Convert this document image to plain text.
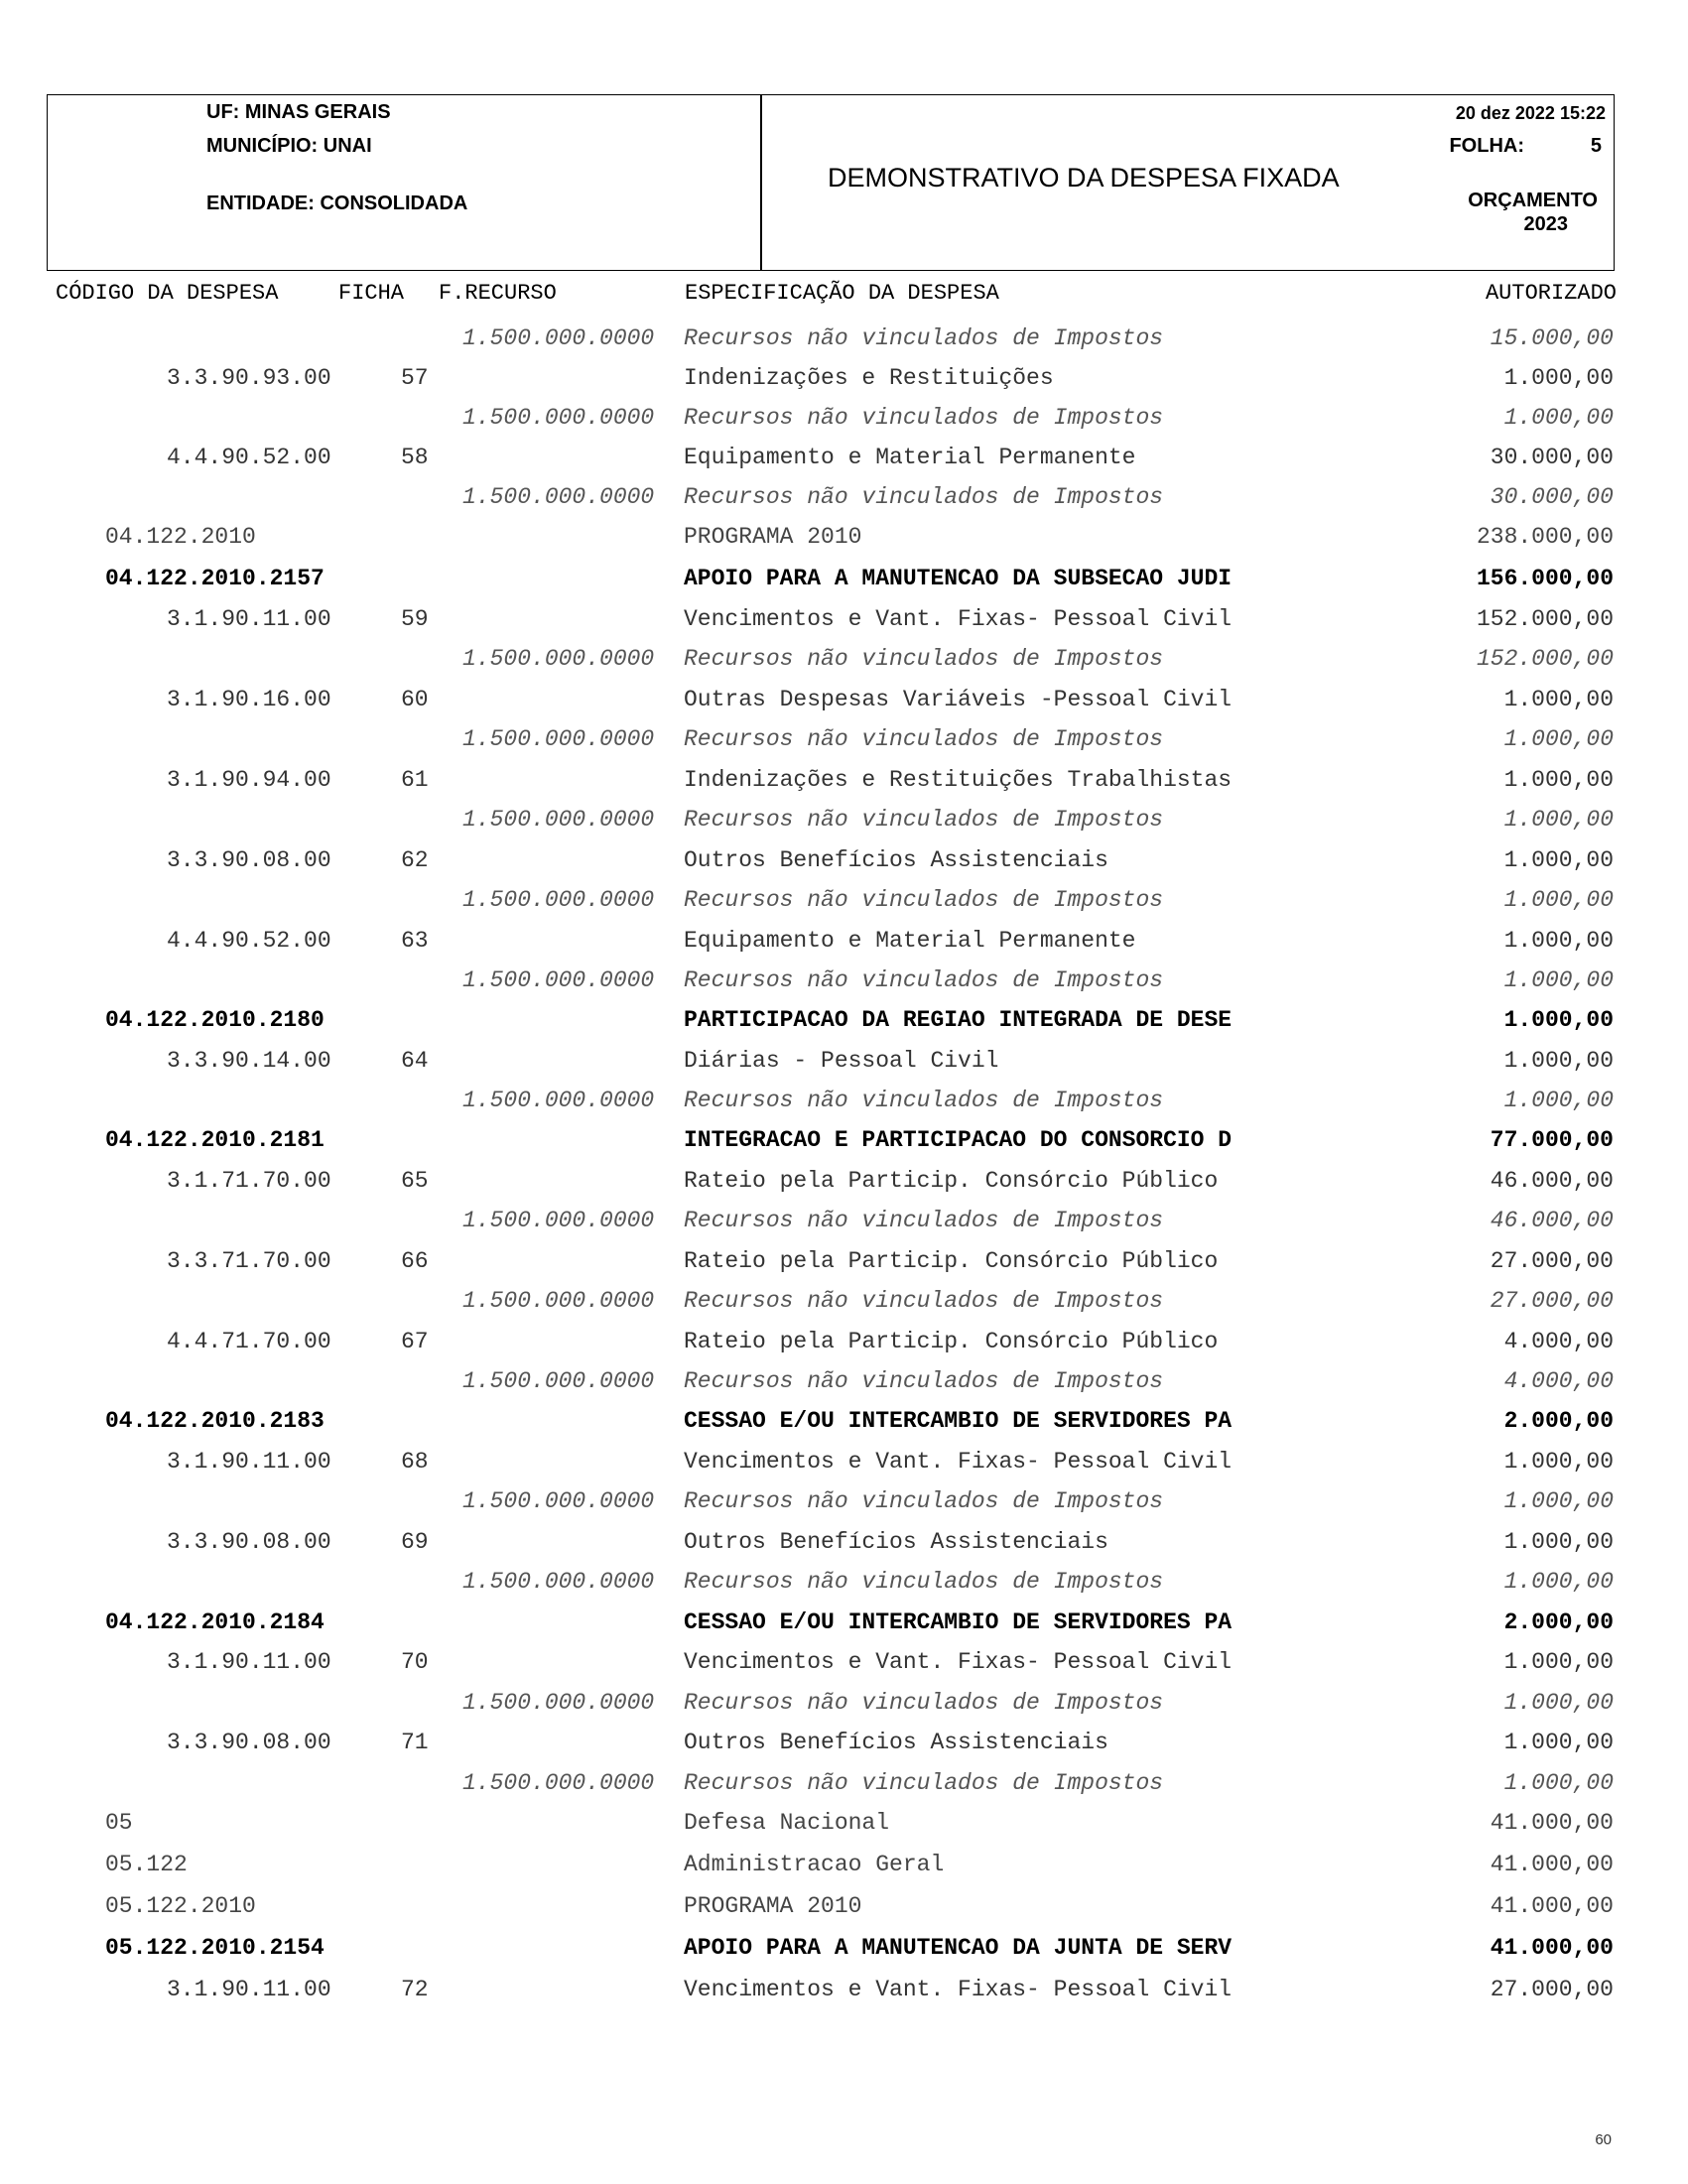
UF: MINAS GERAIS
MUNICÍPIO: UNAI
ENTIDADE: CONSOLIDADA
DEMONSTRATIVO DA DESPESA FIXADA
20 dez 2022 15:22
FOLHA:	5
ORÇAMENTO
2023
CÓDIGO DA DESPESA	FICHA F.RECURSO	ESPECIFICAÇÃO DA DESPESA	AUTORIZADO
1.500.000.0000 Recursos não vinculados de Impostos	15.000,00
3.3.90.93.00	57	Indenizações e Restituições	1.000,00
1.500.000.0000 Recursos não vinculados de Impostos	1.000,00
4.4.90.52.00	58	Equipamento e Material Permanente	30.000,00
1.500.000.0000 Recursos não vinculados de Impostos	30.000,00
04.122.2010	PROGRAMA 2010	238.000,00
04.122.2010.2157	APOIO PARA A MANUTENCAO DA SUBSECAO JUDI	156.000,00
3.1.90.11.00	59	Vencimentos e Vant. Fixas- Pessoal Civil	152.000,00
1.500.000.0000 Recursos não vinculados de Impostos	152.000,00
3.1.90.16.00	60	Outras Despesas Variáveis -Pessoal Civil	1.000,00
1.500.000.0000 Recursos não vinculados de Impostos	1.000,00
3.1.90.94.00	61	Indenizações e Restituições Trabalhistas	1.000,00
1.500.000.0000 Recursos não vinculados de Impostos	1.000,00
3.3.90.08.00	62	Outros Benefícios Assistenciais	1.000,00
1.500.000.0000 Recursos não vinculados de Impostos	1.000,00
4.4.90.52.00	63	Equipamento e Material Permanente	1.000,00
1.500.000.0000 Recursos não vinculados de Impostos	1.000,00
04.122.2010.2180	PARTICIPACAO DA REGIAO INTEGRADA DE DESE	1.000,00
3.3.90.14.00	64	Diárias - Pessoal Civil	1.000,00
1.500.000.0000 Recursos não vinculados de Impostos	1.000,00
04.122.2010.2181	INTEGRACAO E PARTICIPACAO DO CONSORCIO D	77.000,00
3.1.71.70.00	65	Rateio pela Particip. Consórcio Público	46.000,00
1.500.000.0000 Recursos não vinculados de Impostos	46.000,00
3.3.71.70.00	66	Rateio pela Particip. Consórcio Público	27.000,00
1.500.000.0000 Recursos não vinculados de Impostos	27.000,00
4.4.71.70.00	67	Rateio pela Particip. Consórcio Público	4.000,00
1.500.000.0000 Recursos não vinculados de Impostos	4.000,00
04.122.2010.2183	CESSAO E/OU INTERCAMBIO DE SERVIDORES PA	2.000,00
3.1.90.11.00	68	Vencimentos e Vant. Fixas- Pessoal Civil	1.000,00
1.500.000.0000 Recursos não vinculados de Impostos	1.000,00
3.3.90.08.00	69	Outros Benefícios Assistenciais	1.000,00
1.500.000.0000 Recursos não vinculados de Impostos	1.000,00
04.122.2010.2184	CESSAO E/OU INTERCAMBIO DE SERVIDORES PA	2.000,00
3.1.90.11.00	70	Vencimentos e Vant. Fixas- Pessoal Civil	1.000,00
1.500.000.0000 Recursos não vinculados de Impostos	1.000,00
3.3.90.08.00	71	Outros Benefícios Assistenciais	1.000,00
1.500.000.0000 Recursos não vinculados de Impostos	1.000,00
05	Defesa Nacional	41.000,00
05.122	Administracao Geral	41.000,00
05.122.2010	PROGRAMA 2010	41.000,00
05.122.2010.2154	APOIO PARA A MANUTENCAO DA JUNTA DE SERV	41.000,00
3.1.90.11.00	72	Vencimentos e Vant. Fixas- Pessoal Civil	27.000,00
60
